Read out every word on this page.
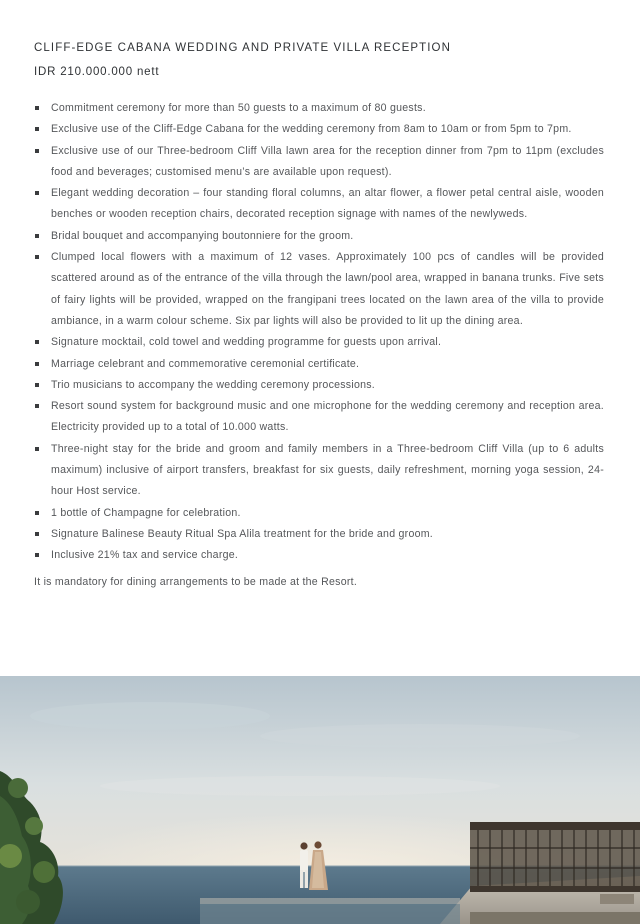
CLIFF-EDGE CABANA WEDDING AND PRIVATE VILLA RECEPTION
IDR 210.000.000 nett
Commitment ceremony for more than 50 guests to a maximum of 80 guests.
Exclusive use of the Cliff-Edge Cabana for the wedding ceremony from 8am to 10am or from 5pm to 7pm.
Exclusive use of our Three-bedroom Cliff Villa lawn area for the reception dinner from 7pm to 11pm (excludes food and beverages; customised menu’s are available upon request).
Elegant wedding decoration – four standing floral columns, an altar flower, a flower petal central aisle, wooden benches or wooden reception chairs, decorated reception signage with names of the newlyweds.
Bridal bouquet and accompanying boutonniere for the groom.
Clumped local flowers with a maximum of 12 vases. Approximately 100 pcs of candles will be provided scattered around as of the entrance of the villa through the lawn/pool area, wrapped in banana trunks. Five sets of fairy lights will be provided, wrapped on the frangipani trees located on the lawn area of the villa to provide ambiance, in a warm colour scheme. Six par lights will also be provided to lit up the dining area.
Signature mocktail, cold towel and wedding programme for guests upon arrival.
Marriage celebrant and commemorative ceremonial certificate.
Trio musicians to accompany the wedding ceremony processions.
Resort sound system for background music and one microphone for the wedding ceremony and reception area. Electricity provided up to a total of 10.000 watts.
Three-night stay for the bride and groom and family members in a Three-bedroom Cliff Villa (up to 6 adults maximum) inclusive of airport transfers, breakfast for six guests, daily refreshment, morning yoga session, 24-hour Host service.
1 bottle of Champagne for celebration.
Signature Balinese Beauty Ritual Spa Alila treatment for the bride and groom.
Inclusive 21% tax and service charge.
It is mandatory for dining arrangements to be made at the Resort.
